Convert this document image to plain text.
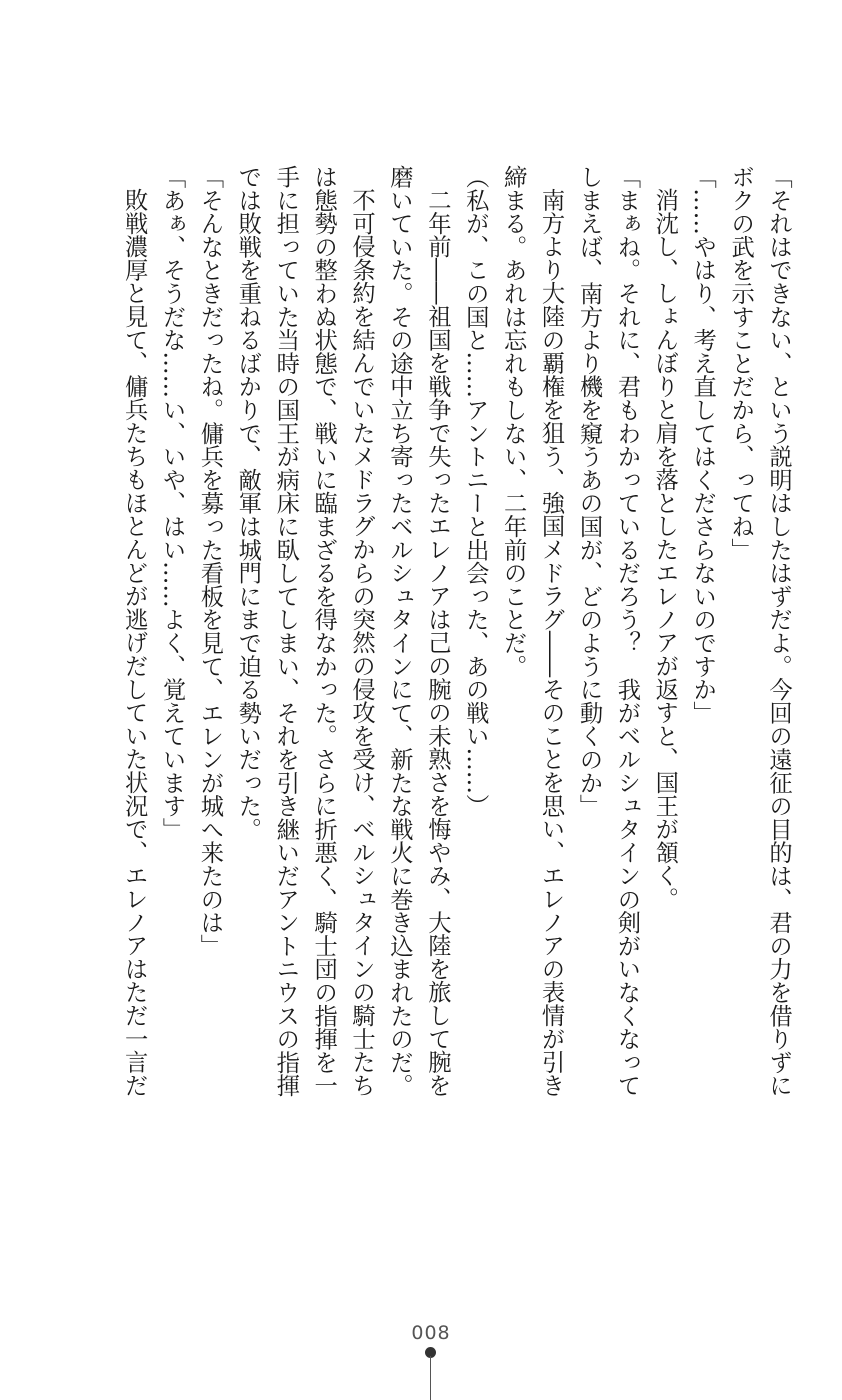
「それはできない、という説明はしたはずだよ。今回の遠征の目的は、君の力を借りずに
ボクの武を示すことだから、ってね」
「……やはり、考え直してはくださらないのですか」
消沈し、しょんぼりと肩を落としたエレノアが返すと、国王が頷く。
「まぁね。それに、君もわかっているだろう？　我がベルシュタインの剣がいなくなって
しまえば、南方より機を窺うあの国が、どのように動くのか」
南方より大陸の覇権を狙う、強国メドラグ――そのことを思い、エレノアの表情が引き
締まる。あれは忘れもしない、二年前のことだ。
（私が、この国と……アントニーと出会った、あの戦い……）
二年前――祖国を戦争で失ったエレノアは己の腕の未熟さを悔やみ、大陸を旅して腕を
磨いていた。その途中立ち寄ったベルシュタインにて、新たな戦火に巻き込まれたのだ。
不可侵条約を結んでいたメドラグからの突然の侵攻を受け、ベルシュタインの騎士たち
は態勢の整わぬ状態で、戦いに臨まざるを得なかった。さらに折悪く、騎士団の指揮を一
手に担っていた当時の国王が病床に臥してしまい、それを引き継いだアントニウスの指揮
では敗戦を重ねるばかりで、敵軍は城門にまで迫る勢いだった。
「そんなときだったね。傭兵を募った看板を見て、エレンが城へ来たのは」
「あぁ、そうだな……い、いや、はい……よく、覚えています」
敗戦濃厚と見て、傭兵たちもほとんどが逃げだしていた状況で、エレノアはただ一言だ
008
